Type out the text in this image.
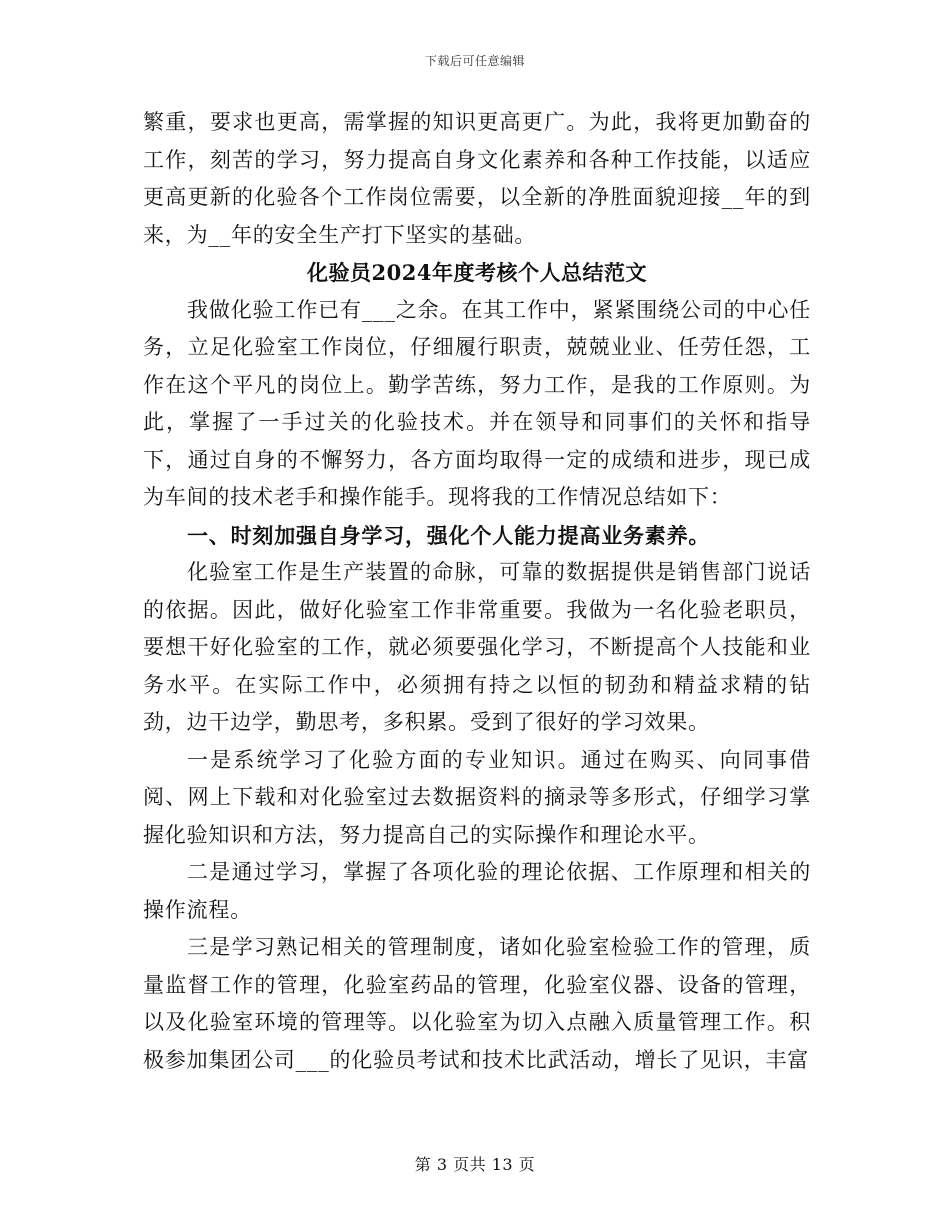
下载后可任意编辑

繁重，要求也更高，需掌握的知识更高更广。为此，我将更加勤奋的工作，刻苦的学习，努力提高自身文化素养和各种工作技能，以适应更高更新的化验各个工作岗位需要，以全新的净胜面貌迎接__年的到来，为__年的安全生产打下坚实的基础。

化验员2024年度考核个人总结范文

我做化验工作已有___之余。在其工作中，紧紧围绕公司的中心任务，立足化验室工作岗位，仔细履行职责，兢兢业业、任劳任怨，工作在这个平凡的岗位上。勤学苦练，努力工作，是我的工作原则。为此，掌握了一手过关的化验技术。并在领导和同事们的关怀和指导下，通过自身的不懈努力，各方面均取得一定的成绩和进步，现已成为车间的技术老手和操作能手。现将我的工作情况总结如下：

一、时刻加强自身学习，强化个人能力提高业务素养。

化验室工作是生产装置的命脉，可靠的数据提供是销售部门说话的依据。因此，做好化验室工作非常重要。我做为一名化验老职员，要想干好化验室的工作，就必须要强化学习，不断提高个人技能和业务水平。在实际工作中，必须拥有持之以恒的韧劲和精益求精的钻劲，边干边学，勤思考，多积累。受到了很好的学习效果。

一是系统学习了化验方面的专业知识。通过在购买、向同事借阅、网上下载和对化验室过去数据资料的摘录等多形式，仔细学习掌握化验知识和方法，努力提高自己的实际操作和理论水平。

二是通过学习，掌握了各项化验的理论依据、工作原理和相关的操作流程。

三是学习熟记相关的管理制度，诸如化验室检验工作的管理，质量监督工作的管理，化验室药品的管理，化验室仪器、设备的管理，以及化验室环境的管理等。以化验室为切入点融入质量管理工作。积极参加集团公司___的化验员考试和技术比武活动，增长了见识，丰富

第 3 页共 13 页
